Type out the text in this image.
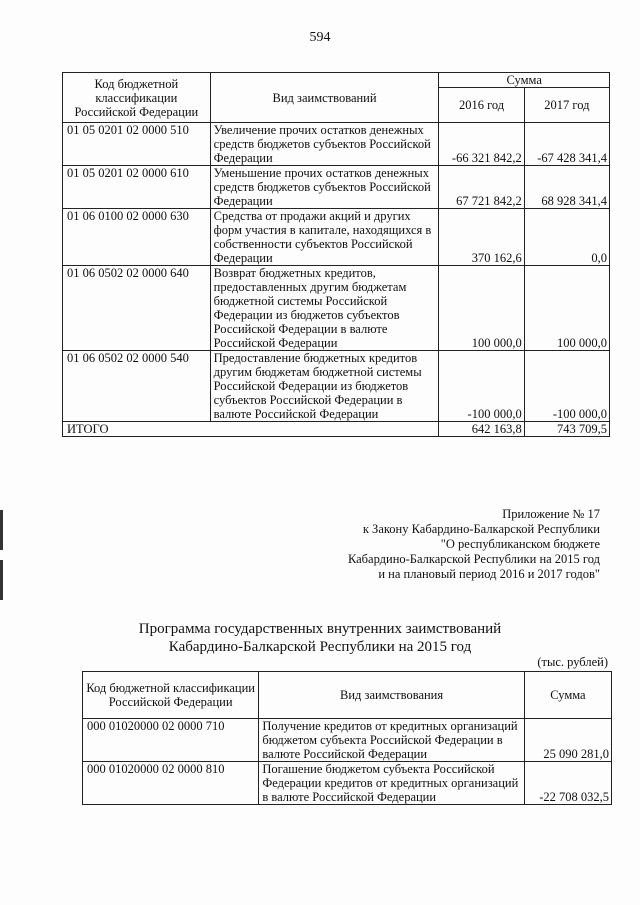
594
Код бюджетной классификации Российской Федерации	Вид заимствований	Сумма	
		2016 год	2017 год
01 05 0201 02 0000 510	Увеличение прочих остатков денежных средств бюджетов субъектов Российской Федерации	-66 321 842,2	-67 428 341,4
01 05 0201 02 0000 610	Уменьшение прочих остатков денежных средств бюджетов субъектов Российской Федерации	67 721 842,2	68 928 341,4
01 06 0100 02 0000 630	Средства от продажи акций и других форм участия в капитале, находящихся в собственности субъектов Российской Федерации	370 162,6	0,0
01 06 0502 02 0000 640	Возврат бюджетных кредитов, предоставленных другим бюджетам бюджетной системы Российской Федерации из бюджетов субъектов Российской Федерации в валюте Российской Федерации	100 000,0	100 000,0
01 06 0502 02 0000 540	Предоставление бюджетных кредитов другим бюджетам бюджетной системы Российской Федерации из бюджетов субъектов Российской Федерации в валюте Российской Федерации	-100 000,0	-100 000,0
ИТОГО		642 163,8	743 709,5
Приложение № 17
к Закону Кабардино-Балкарской Республики
"О республиканском бюджете
Кабардино-Балкарской Республики на 2015 год
и на плановый период 2016 и 2017 годов"
Программа государственных внутренних заимствований
Кабардино-Балкарской Республики на 2015 год
(тыс. рублей)
Код бюджетной классификации Российской Федерации	Вид заимствования	Сумма
000 01020000 02 0000 710	Получение кредитов от кредитных организаций бюджетом субъекта Российской Федерации в валюте Российской Федерации	25 090 281,0
000 01020000 02 0000 810	Погашение бюджетом субъекта Российской Федерации кредитов от кредитных организаций в валюте Российской Федерации	-22 708 032,5
